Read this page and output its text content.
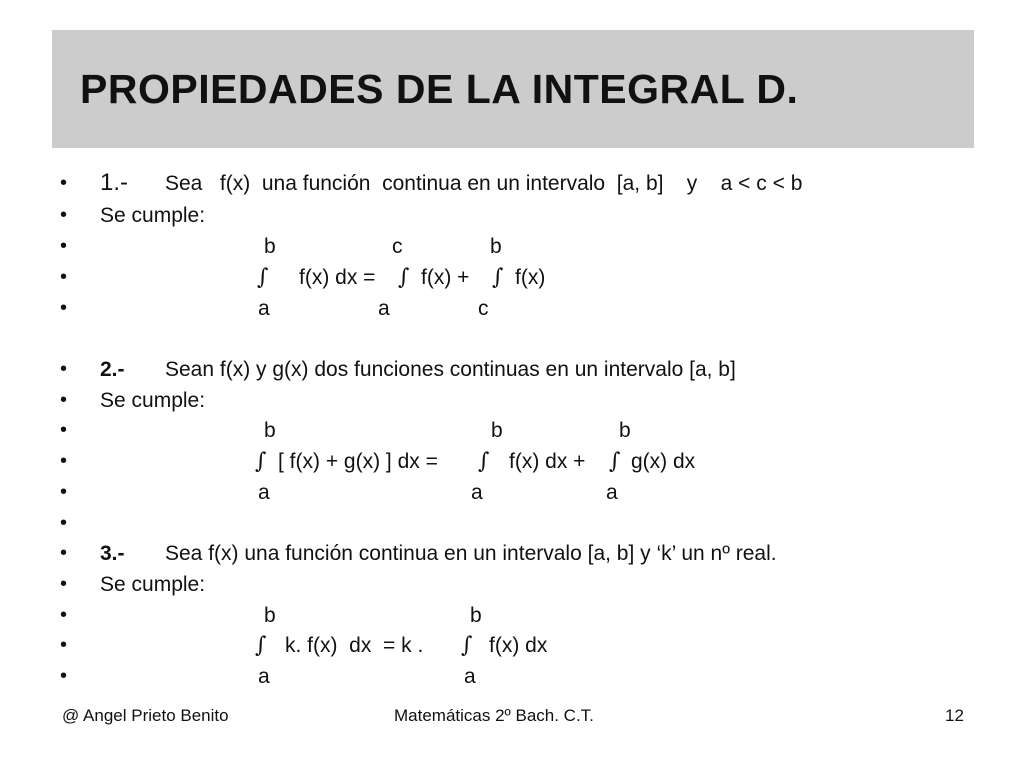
PROPIEDADES DE LA INTEGRAL D.
• 1.- Sea   f(x)  una función  continua en un intervalo  [a, b]    y    a < c < b
• Se cumple:
•	b	c	b
•	∫ f(x) dx = ∫ f(x) + ∫ f(x)
•	a	a	c
• 2.- Sean f(x) y g(x) dos funciones continuas en un intervalo [a, b]
• Se cumple:
•	b	b	b
•	∫ [ f(x) + g(x) ] dx = ∫ f(x) dx + ∫ g(x) dx
•	a	a	a
•
• 3.- Sea f(x) una función continua en un intervalo [a, b] y ‘k’ un nº real.
• Se cumple:
•	b	b
•	∫ k. f(x)  dx  = k . ∫ f(x) dx
•	a	a
@ Angel Prieto Benito	Matemáticas 2º Bach. C.T.	12
